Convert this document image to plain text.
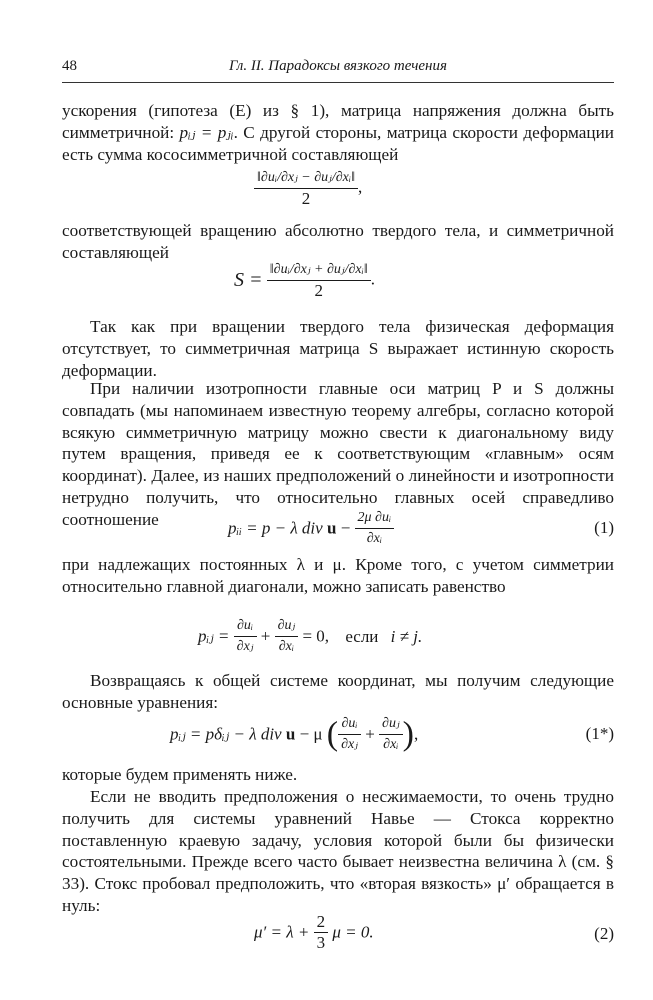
48	Гл. II. Парадоксы вязкого течения

ускорения (гипотеза (E) из § 1), матрица напряжения должна быть симметричной: pᵢⱼ = pⱼᵢ. С другой стороны, матрица скорости деформации есть сумма кососимметричной составляющей

$\frac{\text{‖∂uᵢ/∂xⱼ − ∂uⱼ/∂xᵢ‖}}{2}$ ,

соответствующей вращению абсолютно твердого тела, и симметричной составляющей

$S = \frac{\text{‖∂uᵢ/∂xⱼ + ∂uⱼ/∂xᵢ‖}}{2}$ .

Так как при вращении твердого тела физическая деформация отсутствует, то симметричная матрица S выражает истинную скорость деформации.

При наличии изотропности главные оси матриц P и S должны совпадать (мы напоминаем известную теорему алгебры, согласно которой всякую симметричную матрицу можно свести к диагональному виду путем вращения, приведя ее к соответствующим «главным» осям координат). Далее, из наших предположений о линейности и изотропности нетрудно получить, что относительно главных осей справедливо соотношение	pᵢᵢ = p − λ div $u - \frac{\text{2μ ∂uᵢ}}{\text{∂xᵢ}}$	(1)

при надлежащих постоянных λ и μ. Кроме того, с учетом симметрии относительно главной диагонали, можно записать равенство

pᵢⱼ = $\frac{\text{∂uᵢ}}{\text{∂xⱼ}} + \frac{\text{∂uⱼ}}{\text{∂xᵢ}} = 0$, если i ≠ j.

Возвращаясь к общей системе координат, мы получим следующие основные уравнения:

pᵢⱼ = pδᵢⱼ − λ div u − μ ( $\frac{\text{∂uᵢ}}{\text{∂xⱼ}} + \frac{\text{∂uⱼ}}{\text{∂xᵢ}}$ ),	(1*)

которые будем применять ниже.

Если не вводить предположения о несжимаемости, то очень трудно получить для системы уравнений Навье — Стокса корректно поставленную краевую задачу, условия которой были бы физически состоятельными. Прежде всего часто бывает неизвестна величина λ (см. § 33). Стокс пробовал предположить, что «вторая вязкость» μ′ обращается в нуль:

$\mu' = \lambda + \frac{2}{3}$ μ = 0.	(2)
